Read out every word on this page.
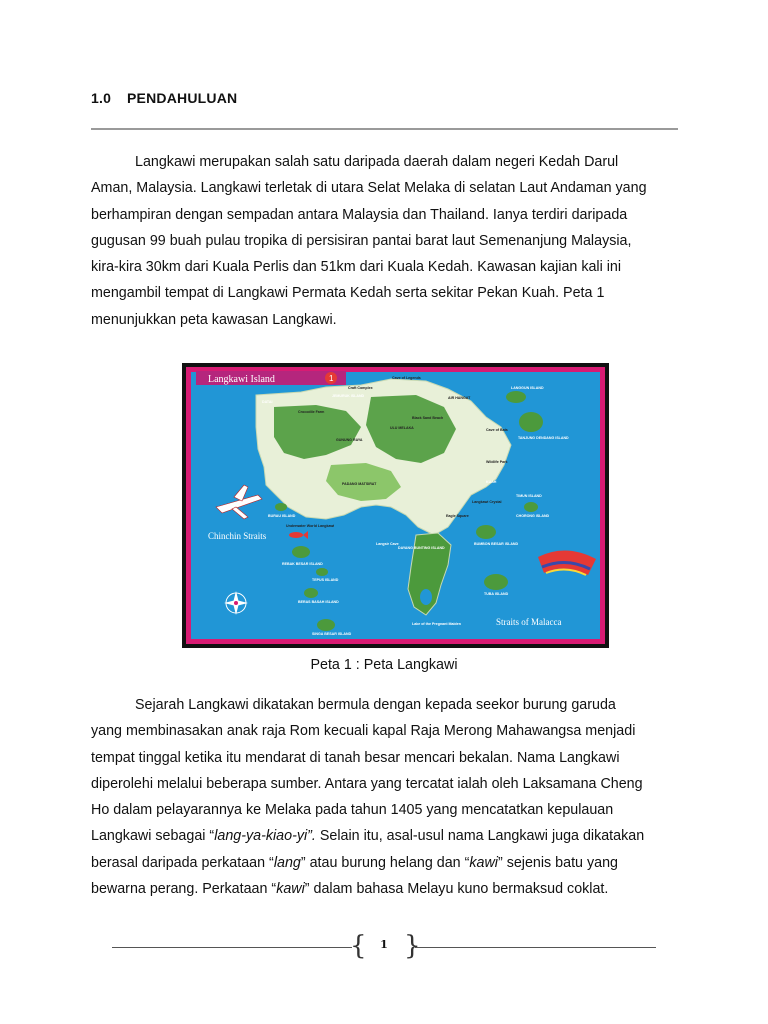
1.0 PENDAHULUAN
Langkawi merupakan salah satu daripada daerah dalam negeri Kedah Darul
Aman, Malaysia. Langkawi terletak di utara Selat Melaka di selatan Laut Andaman yang
berhampiran dengan sempadan antara Malaysia dan Thailand. Ianya terdiri daripada
gugusan 99 buah pulau tropika di persisiran pantai barat laut Semenanjung Malaysia,
kira-kira 30km dari Kuala Perlis dan 51km dari Kuala Kedah. Kawasan kajian kali ini
mengambil tempat di Langkawi Permata Kedah serta sekitar Pekan Kuah. Peta 1
menunjukkan peta kawasan Langkawi.
Langkawi Island	1
Chinchin Straits
Straits of Malacca
DATAI
JEMURUK ISLAND
GUNUNG RAYA
ULU MELAKA
PADANG MATSIRAT	KUAH
LANGGUN ISLAND
TANJUNG DENDANG ISLAND
TIMUN ISLAND
CHORONG ISLAND
BUMBON BESAR ISLAND
TUBA ISLAND
DAYANG BUNTING ISLAND
REBAK BESAR ISLAND
TEPUS ISLAND
BERAS BASAH ISLAND
SINGA BESAR ISLAND
BURAU ISLAND
Langkawi Crystal
Eagle Square
Lake of the Pregnant Maiden
Cave of Legends
Black Sand Beach
Crocodile Farm
Underwater World Langkawi
Langsir Cave
Wildlife Park
Cave of Bats
Craft Complex
AIR HANGAT
Peta 1 : Peta Langkawi
Sejarah Langkawi dikatakan bermula dengan kepada seekor burung garuda
yang membinasakan anak raja Rom kecuali kapal Raja Merong Mahawangsa menjadi
tempat tinggal ketika itu mendarat di tanah besar mencari bekalan. Nama Langkawi
diperolehi melalui beberapa sumber. Antara yang tercatat ialah oleh Laksamana Cheng
Ho dalam pelayarannya ke Melaka pada tahun 1405 yang mencatatkan kepulauan
Langkawi sebagai “lang-ya-kiao-yi”. Selain itu, asal-usul nama Langkawi juga dikatakan
berasal daripada perkataan “lang” atau burung helang dan “kawi” sejenis batu yang
bewarna perang. Perkataan “kawi” dalam bahasa Melayu kuno bermaksud coklat.
{ }
1
